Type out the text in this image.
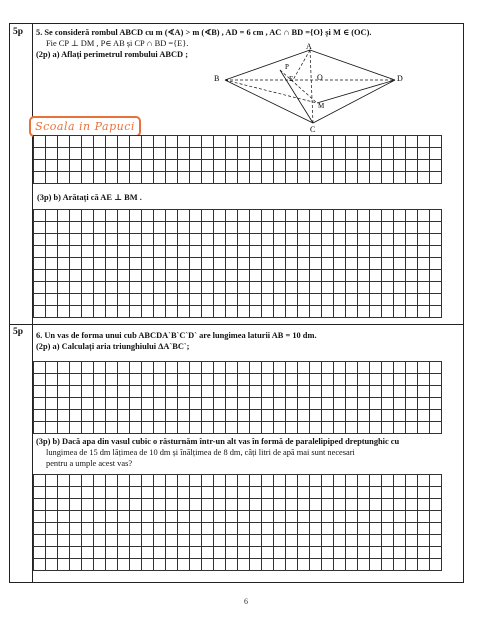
5p 5. Se consideră rombul ABCD cu m (∢A) > m (∢B) , AD = 6 cm , AC ∩ BD ={O} și M ∈ (OC).
Fie CP ⊥ DM , P∈ AB și CP ∩ BD ={E}.
(2p) a) Aflați perimetrul rombului ABCD ;
A
B	D
C
O
P
E
M
Scoala in Papuci
(3p) b) Arătați că AE ⊥ BM .
5p 6. Un vas de forma unui cub ABCDA`B`C`D` are lungimea laturii AB = 10 dm.
(2p) a) Calculați aria triunghiului ΔA`BC`;
(3p) b) Dacă apa din vasul cubic o răsturnăm într-un alt vas în formă de paralelipiped dreptunghic cu
lungimea de 15 dm lățimea de 10 dm și înălțimea de 8 dm, câți litri de apă mai sunt necesari
pentru a umple acest vas?
6
